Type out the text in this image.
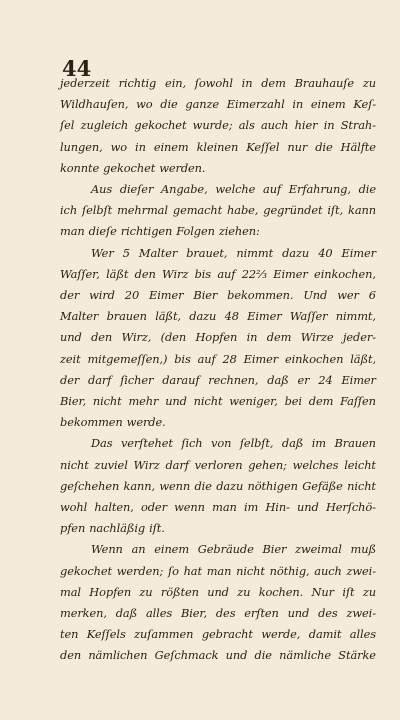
44
jederzeit richtig ein, ſowohl in dem Brauhauſe zu
Wildhauſen, wo die ganze Eimerzahl in einem Keſ-
ſel zugleich gekochet wurde; als auch hier in Strah-
lungen, wo in einem kleinen Keſſel nur die Hälfte
konnte gekochet werden.
Aus dieſer Angabe, welche auf Erfahrung, die
ich ſelbſt mehrmal gemacht habe, gegründet iſt, kann
man dieſe richtigen Folgen ziehen:
Wer 5 Malter brauet, nimmt dazu 40 Eimer
Waſſer, läßt den Wirz bis auf 22⅔ Eimer einkochen,
der wird 20 Eimer Bier bekommen. Und wer 6
Malter brauen läßt, dazu 48 Eimer Waſſer nimmt,
und den Wirz, (den Hopfen in dem Wirze jeder-
zeit mitgemeſſen,) bis auf 28 Eimer einkochen läßt,
der darf ſicher darauf rechnen, daß er 24 Eimer
Bier, nicht mehr und nicht weniger, bei dem Faſſen
bekommen werde.
Das verſtehet ſich von ſelbſt, daß im Brauen
nicht zuviel Wirz darf verloren gehen; welches leicht
geſchehen kann, wenn die dazu nöthigen Gefäße nicht
wohl halten, oder wenn man im Hin- und Herſchö-
pfen nachläßig iſt.
Wenn an einem Gebräude Bier zweimal muß
gekochet werden; ſo hat man nicht nöthig, auch zwei-
mal Hopfen zu rößten und zu kochen. Nur iſt zu
merken, daß alles Bier, des erſten und des zwei-
ten Keſſels zuſammen gebracht werde, damit alles
den nämlichen Geſchmack und die nämliche Stärke
